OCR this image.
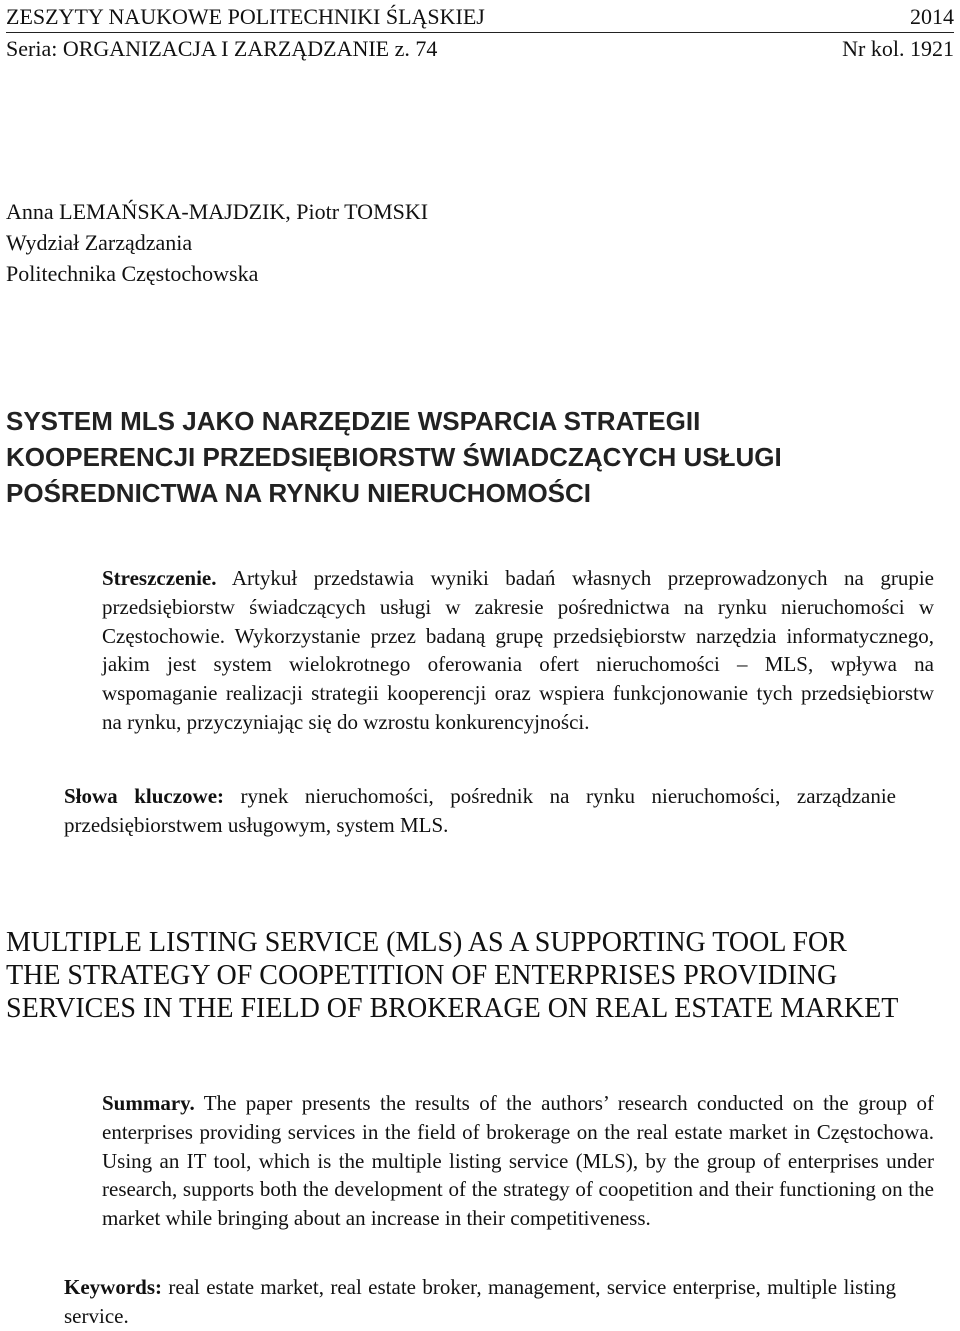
ZESZYTY NAUKOWE POLITECHNIKI ŚLĄSKIEJ	2014
Seria: ORGANIZACJA I ZARZĄDZANIE z. 74	Nr kol. 1921
Anna LEMAŃSKA-MAJDZIK, Piotr TOMSKI
Wydział Zarządzania
Politechnika Częstochowska
SYSTEM MLS JAKO NARZĘDZIE WSPARCIA STRATEGII
KOOPERENCJI PRZEDSIĘBIORSTW ŚWIADCZĄCYCH USŁUGI
POŚREDNICTWA NA RYNKU NIERUCHOMOŚCI
Streszczenie. Artykuł przedstawia wyniki badań własnych przeprowadzonych na grupie przedsiębiorstw świadczących usługi w zakresie pośrednictwa na rynku nieruchomości w Częstochowie. Wykorzystanie przez badaną grupę przedsiębiorstw narzędzia informatycznego, jakim jest system wielokrotnego oferowania ofert nieruchomości – MLS, wpływa na wspomaganie realizacji strategii kooperencji oraz wspiera funkcjonowanie tych przedsiębiorstw na rynku, przyczyniając się do wzrostu konkurencyjności.
Słowa kluczowe: rynek nieruchomości, pośrednik na rynku nieruchomości, zarządzanie przedsiębiorstwem usługowym, system MLS.
MULTIPLE LISTING SERVICE (MLS) AS A SUPPORTING TOOL FOR
THE STRATEGY OF COOPETITION OF ENTERPRISES PROVIDING
SERVICES IN THE FIELD OF BROKERAGE ON REAL ESTATE MARKET
Summary. The paper presents the results of the authors’ research conducted on the group of enterprises providing services in the field of brokerage on the real estate market in Częstochowa. Using an IT tool, which is the multiple listing service (MLS), by the group of enterprises under research, supports both the development of the strategy of coopetition and their functioning on the market while bringing about an increase in their competitiveness.
Keywords: real estate market, real estate broker, management, service enterprise, multiple listing service.
